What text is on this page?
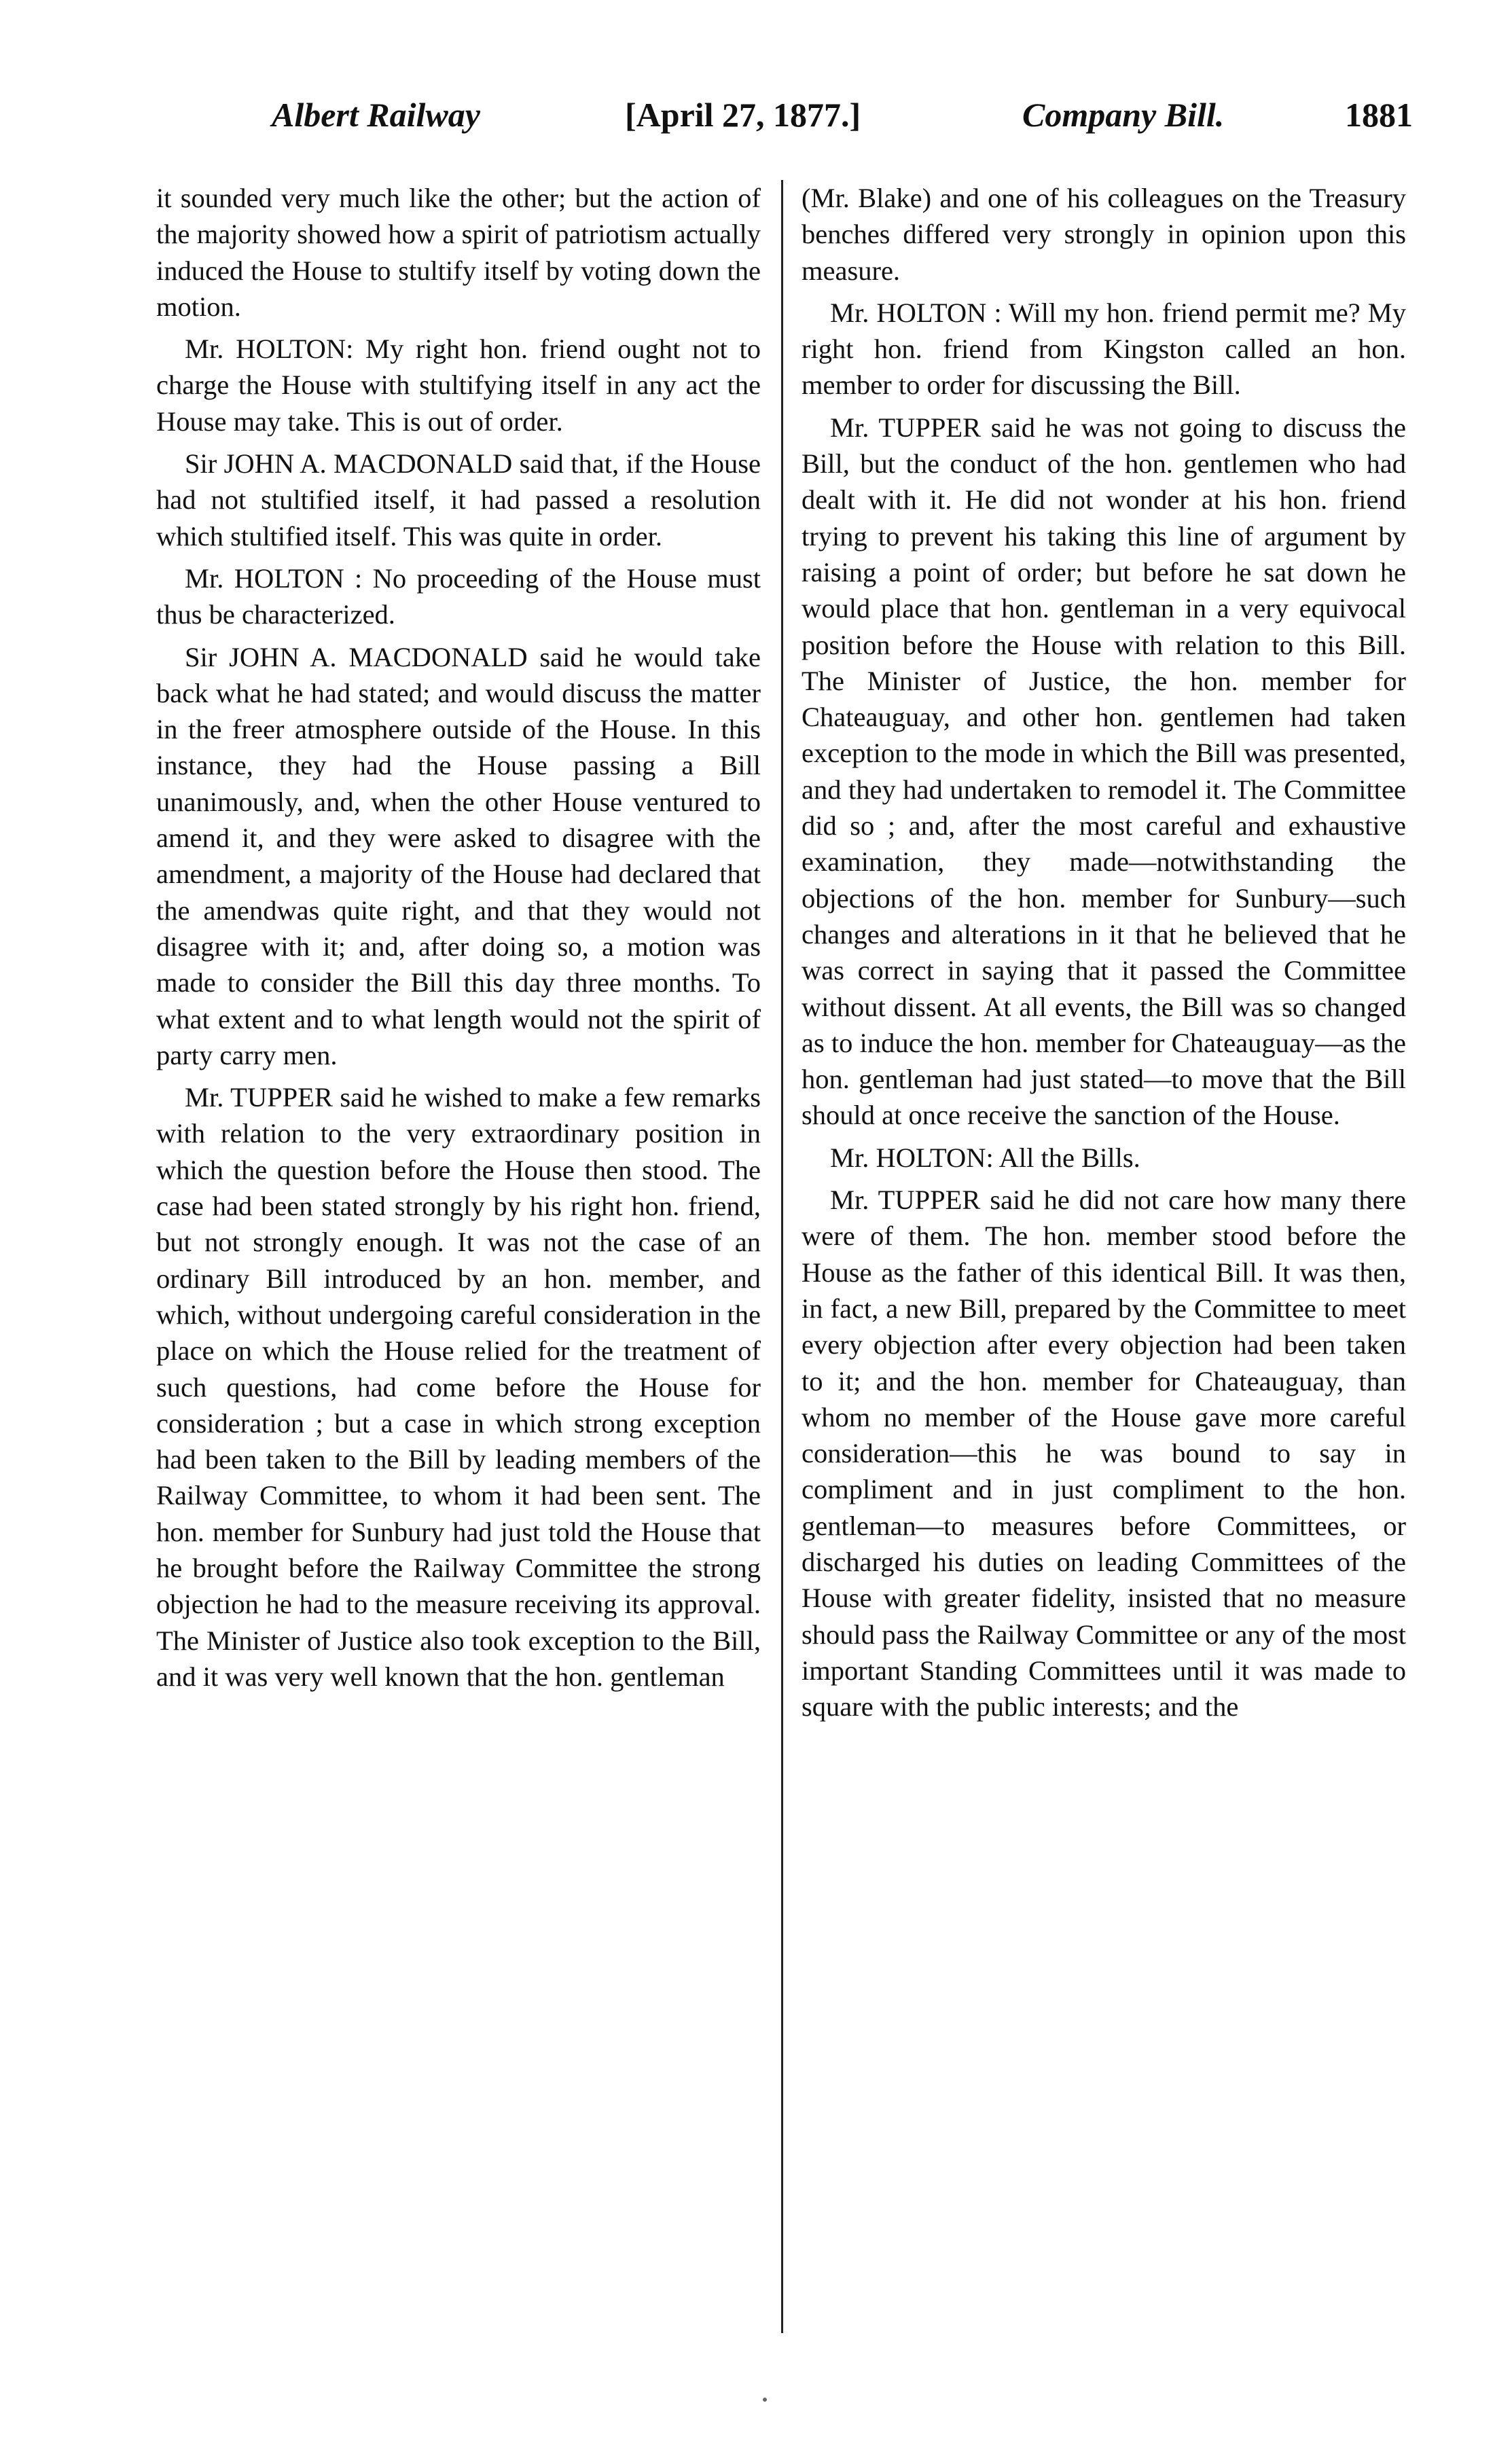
Albert Railway	[April 27, 1877.]	Company Bill.	1881

it sounded very much like the other; but the action of the majority showed how a spirit of patriotism actually induced the House to stultify itself by voting down the motion.

Mr. HOLTON: My right hon. friend ought not to charge the House with stultifying itself in any act the House may take. This is out of order.

Sir JOHN A. MACDONALD said that, if the House had not stultified itself, it had passed a resolution which stultified itself. This was quite in order.

Mr. HOLTON : No proceeding of the House must thus be characterized.

Sir JOHN A. MACDONALD said he would take back what he had stated; and would discuss the matter in the freer atmosphere outside of the House. In this instance, they had the House passing a Bill unanimously, and, when the other House ventured to amend it, and they were asked to disagree with the amendment, a majority of the House had declared that the amendwas quite right, and that they would not disagree with it; and, after doing so, a motion was made to consider the Bill this day three months. To what extent and to what length would not the spirit of party carry men.

Mr. TUPPER said he wished to make a few remarks with relation to the very extraordinary position in which the question before the House then stood. The case had been stated strongly by his right hon. friend, but not strongly enough. It was not the case of an ordinary Bill introduced by an hon. member, and which, without undergoing careful consideration in the place on which the House relied for the treatment of such questions, had come before the House for consideration ; but a case in which strong exception had been taken to the Bill by leading members of the Railway Committee, to whom it had been sent. The hon. member for Sunbury had just told the House that he brought before the Railway Committee the strong objection he had to the measure receiving its approval. The Minister of Justice also took exception to the Bill, and it was very well known that the hon. gentleman

(Mr. Blake) and one of his colleagues on the Treasury benches differed very strongly in opinion upon this measure.

Mr. HOLTON : Will my hon. friend permit me? My right hon. friend from Kingston called an hon. member to order for discussing the Bill.

Mr. TUPPER said he was not going to discuss the Bill, but the conduct of the hon. gentlemen who had dealt with it. He did not wonder at his hon. friend trying to prevent his taking this line of argument by raising a point of order; but before he sat down he would place that hon. gentleman in a very equivocal position before the House with relation to this Bill. The Minister of Justice, the hon. member for Chateauguay, and other hon. gentlemen had taken exception to the mode in which the Bill was presented, and they had undertaken to remodel it. The Committee did so ; and, after the most careful and exhaustive examination, they made—notwithstanding the objections of the hon. member for Sunbury—such changes and alterations in it that he believed that he was correct in saying that it passed the Committee without dissent. At all events, the Bill was so changed as to induce the hon. member for Chateauguay—as the hon. gentleman had just stated—to move that the Bill should at once receive the sanction of the House.

Mr. HOLTON: All the Bills.

Mr. TUPPER said he did not care how many there were of them. The hon. member stood before the House as the father of this identical Bill. It was then, in fact, a new Bill, prepared by the Committee to meet every objection after every objection had been taken to it; and the hon. member for Chateauguay, than whom no member of the House gave more careful consideration—this he was bound to say in compliment and in just compliment to the hon. gentleman—to measures before Committees, or discharged his duties on leading Committees of the House with greater fidelity, insisted that no measure should pass the Railway Committee or any of the most important Standing Committees until it was made to square with the public interests; and the
